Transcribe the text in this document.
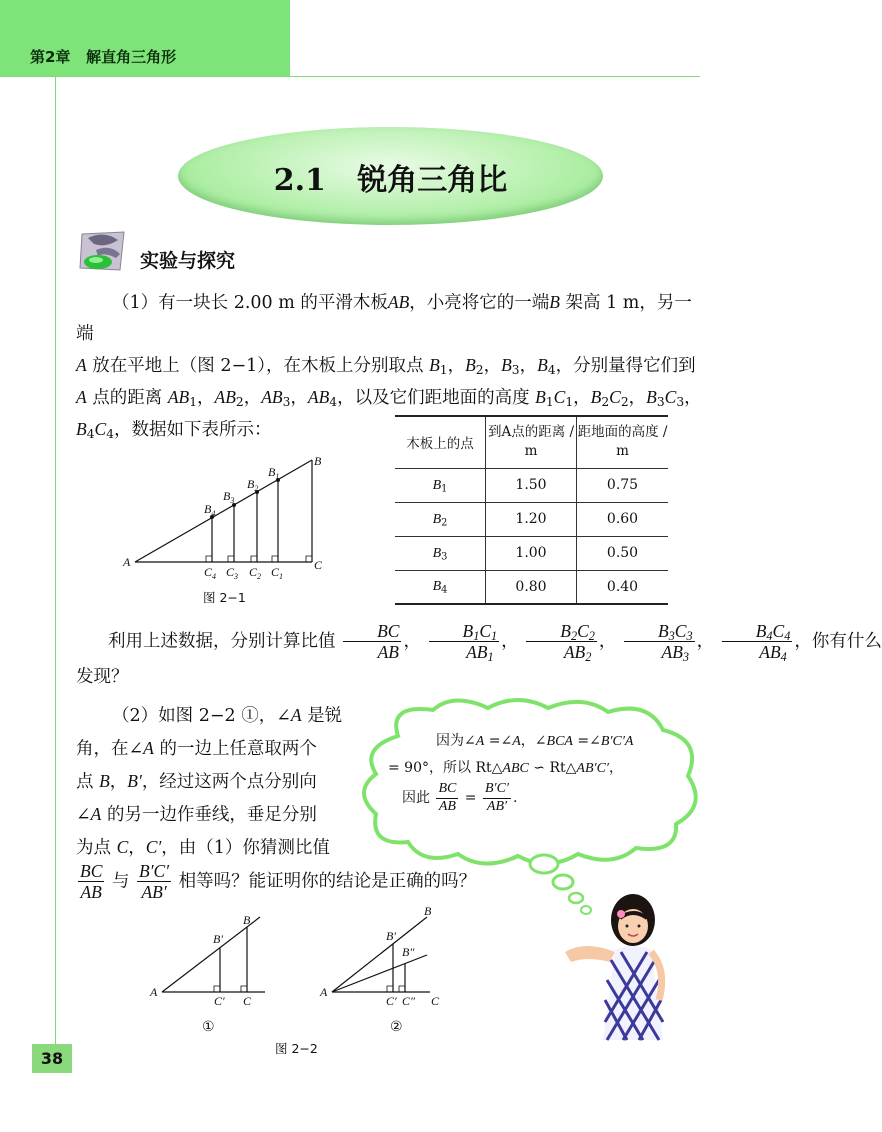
第2章 解直角三角形
2.1 锐角三角比
实验与探究
（1）有一块长 2.00 m 的平滑木板AB，小亮将它的一端B 架高 1 m，另一端
A 放在平地上（图 2−1），在木板上分别取点 $B_1$，$B_2$，$B_3$，$B_4$，分别量得它们到
A 点的距离 $AB_1$，$AB_2$，$AB_3$，$AB_4$，以及它们距地面的高度 $B_1C_1$，$B_2C_2$，$B_3C_3$，
$B_4C_4$，数据如下表所示：
A
B
C
$B_1$
$B_2$
$B_3$
$B_4$
$C_1$
$C_2$
$C_3$
$C_4$
图 2−1
木板上的点	到A点的距离 / m	距地面的高度 / m
$B_1$	1.50	0.75
$B_2$	1.20	0.60
$B_3$	1.00	0.50
$B_4$	0.80	0.40
利用上述数据，分别计算比值 $\frac{BC}{AB}$ ， $\frac{B_1C_1}{AB_1}$ ， $\frac{B_2C_2}{AB_2}$ ， $\frac{B_3C_3}{AB_3}$ ， $\frac{B_4C_4}{AB_4}$ ，你有什么
发现？
（2）如图 2−2 ①，∠A 是锐
角，在∠A 的一边上任意取两个
点 B，B′，经过这两个点分别向
∠A 的另一边作垂线，垂足分别
为点 C，C′，由（1）你猜测比值
$\frac{BC}{AB}$ 与 $\frac{B'C'}{AB'}$ 相等吗？能证明你的结论是正确的吗？
因为∠A =∠A，∠BCA =∠B′C′A
= 90°，所以 Rt△ABC ∽ Rt△AB′C′，
因此 $\frac{BC}{AB} = \frac{B'C'}{AB'}$ .
A
B
B′
C′ C
A
B
B′
B″
C′ C″ C
①	②
图 2−2
38
